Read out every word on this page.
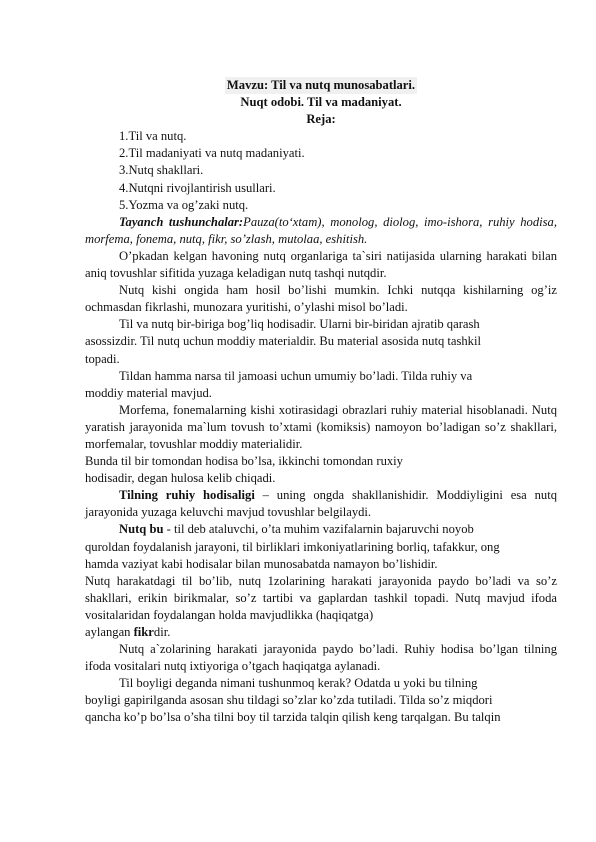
Mavzu: Til va nutq munosabatlari.
Nuqt odobi. Til va madaniyat.
Reja:
1.Til va nutq.
2.Til madaniyati va nutq madaniyati.
3.Nutq shakllari.
4.Nutqni rivojlantirish usullari.
5.Yozma va og’zaki nutq.

Tayanch tushunchalar:Pauza(to‘xtam), monolog, diolog, imo-ishora, ruhiy hodisa, morfema, fonema, nutq, fikr, so’zlash, mutolaa, eshitish.

O’pkadan kelgan havoning nutq organlariga ta`siri natijasida ularning harakati bilan aniq tovushlar sifitida yuzaga keladigan nutq tashqi nutqdir.

Nutq kishi ongida ham hosil bo’lishi mumkin. Ichki nutqqa kishilarning og’iz ochmasdan fikrlashi, munozara yuritishi, o’ylashi misol bo’ladi.

Til va nutq bir-biriga bog’liq hodisadir. Ularni bir-biridan ajratib qarash

asossizdir. Til nutq uchun moddiy materialdir. Bu material asosida nutq tashkil

topadi.

Tildan hamma narsa til jamoasi uchun umumiy bo’ladi. Tilda ruhiy va

moddiy material mavjud.

Morfema, fonemalarning kishi xotirasidagi obrazlari ruhiy material hisoblanadi. Nutq yaratish jarayonida ma`lum tovush to’xtami (komiksis) namoyon bo’ladigan so’z shakllari, morfemalar, tovushlar moddiy materialidir.

Bunda til bir tomondan hodisa bo’lsa, ikkinchi tomondan ruxiy

hodisadir, degan hulosa kelib chiqadi.

Tilning ruhiy hodisaligi – uning ongda shakllanishidir. Moddiyligini esa nutq jarayonida yuzaga keluvchi mavjud tovushlar belgilaydi.

Nutq bu - til deb ataluvchi, o’ta muhim vazifalarnin bajaruvchi noyob

quroldan foydalanish jarayoni, til birliklari imkoniyatlarining borliq, tafakkur, ong

hamda vaziyat kabi hodisalar bilan munosabatda namayon bo’lishidir.

Nutq harakatdagi til bo’lib, nutq 1zolarining harakati jarayonida paydo bo’ladi va so’z shakllari, erikin birikmalar, so’z tartibi va gaplardan tashkil topadi. Nutq mavjud ifoda vositalaridan foydalangan holda mavjudlikka (haqiqatga)

aylangan fikrdir.

Nutq a`zolarining harakati jarayonida paydo bo’ladi. Ruhiy hodisa bo’lgan tilning ifoda vositalari nutq ixtiyoriga o’tgach haqiqatga aylanadi.

Til boyligi deganda nimani tushunmoq kerak? Odatda u yoki bu tilning

boyligi gapirilganda asosan shu tildagi so’zlar ko’zda tutiladi. Tilda so’z miqdori

qancha ko’p bo’lsa o’sha tilni boy til tarzida talqin qilish keng tarqalgan. Bu talqin
